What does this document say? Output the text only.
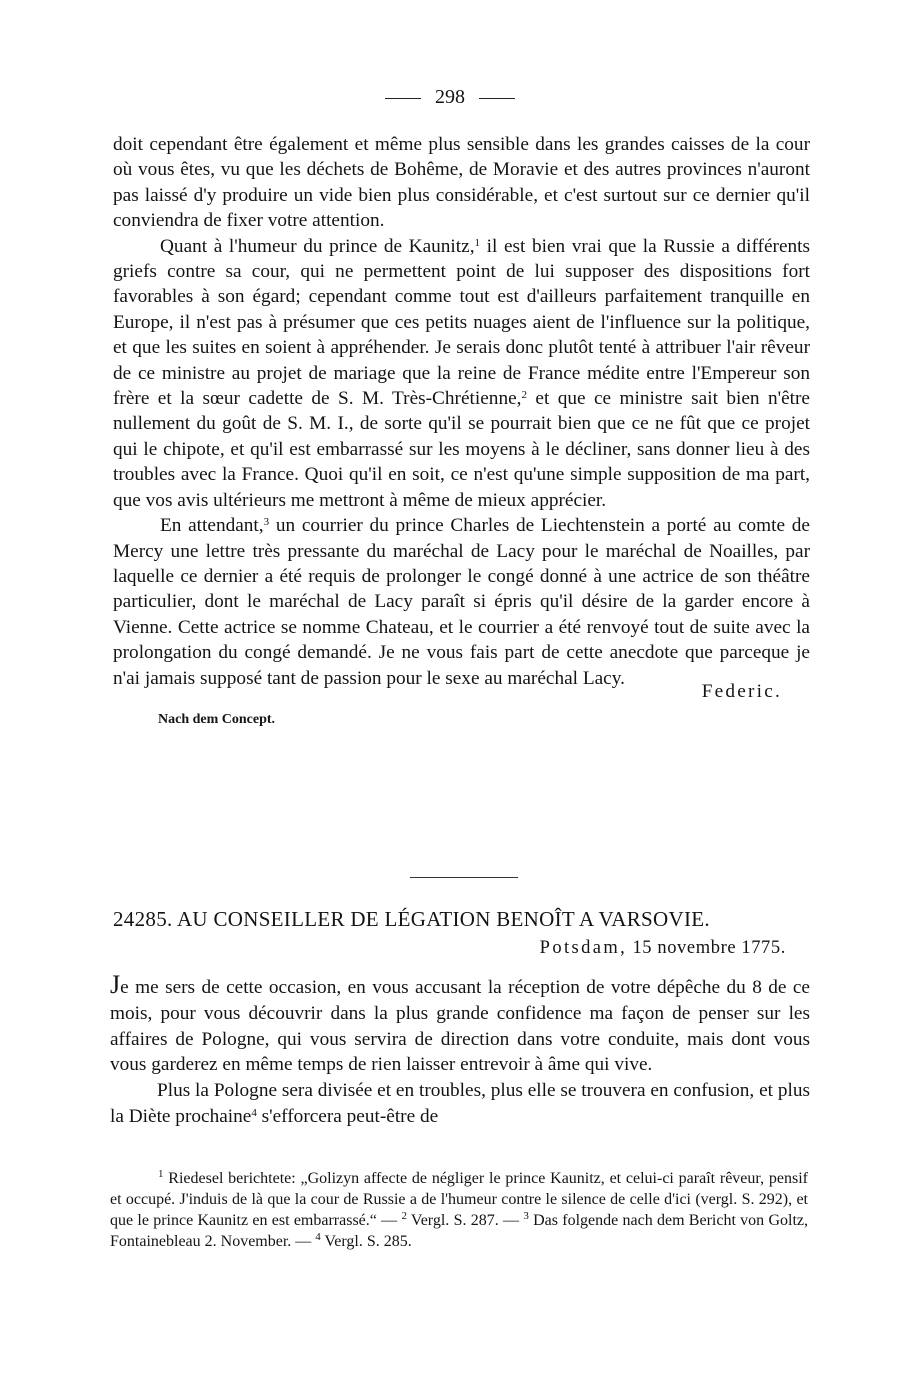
298

doit cependant être également et même plus sensible dans les grandes caisses de la cour où vous êtes, vu que les déchets de Bohême, de Moravie et des autres provinces n'auront pas laissé d'y produire un vide bien plus considérable, et c'est surtout sur ce dernier qu'il conviendra de fixer votre attention.

Quant à l'humeur du prince de Kaunitz,$^1$ il est bien vrai que la Russie a différents griefs contre sa cour, qui ne permettent point de lui supposer des dispositions fort favorables à son égard; cependant comme tout est d'ailleurs parfaitement tranquille en Europe, il n'est pas à présumer que ces petits nuages aient de l'influence sur la politique, et que les suites en soient à appréhender. Je serais donc plutôt tenté à attribuer l'air rêveur de ce ministre au projet de mariage que la reine de France médite entre l'Empereur son frère et la sœur cadette de S. M. Très-Chrétienne,$^2$ et que ce ministre sait bien n'être nullement du goût de S. M. I., de sorte qu'il se pourrait bien que ce ne fût que ce projet qui le chipote, et qu'il est embarrassé sur les moyens à le décliner, sans donner lieu à des troubles avec la France. Quoi qu'il en soit, ce n'est qu'une simple supposition de ma part, que vos avis ultérieurs me mettront à même de mieux apprécier.

En attendant,$^3$ un courrier du prince Charles de Liechtenstein a porté au comte de Mercy une lettre très pressante du maréchal de Lacy pour le maréchal de Noailles, par laquelle ce dernier a été requis de prolonger le congé donné à une actrice de son théâtre particulier, dont le maréchal de Lacy paraît si épris qu'il désire de la garder encore à Vienne. Cette actrice se nomme Chateau, et le courrier a été renvoyé tout de suite avec la prolongation du congé demandé. Je ne vous fais part de cette anecdote que parceque je n'ai jamais supposé tant de passion pour le sexe au maréchal Lacy.

Federic.
Nach dem Concept.
24285. AU CONSEILLER DE LÉGATION BENOÎT A VARSOVIE.
Potsdam, 15 novembre 1775.

Je me sers de cette occasion, en vous accusant la réception de votre dépêche du 8 de ce mois, pour vous découvrir dans la plus grande confidence ma façon de penser sur les affaires de Pologne, qui vous servira de direction dans votre conduite, mais dont vous vous garderez en même temps de rien laisser entrevoir à âme qui vive.

Plus la Pologne sera divisée et en troubles, plus elle se trouvera en confusion, et plus la Diète prochaine$^4$ s'efforcera peut-être de

$^1$ Riedesel berichtete: „Golizyn affecte de négliger le prince Kaunitz, et celui-ci paraît rêveur, pensif et occupé. J'induis de là que la cour de Russie a de l'humeur contre le silence de celle d'ici (vergl. S. 292), et que le prince Kaunitz en est embarrassé.“ — $^2$ Vergl. S. 287. — $^3$ Das folgende nach dem Bericht von Goltz, Fontainebleau 2. November. — $^4$ Vergl. S. 285.
